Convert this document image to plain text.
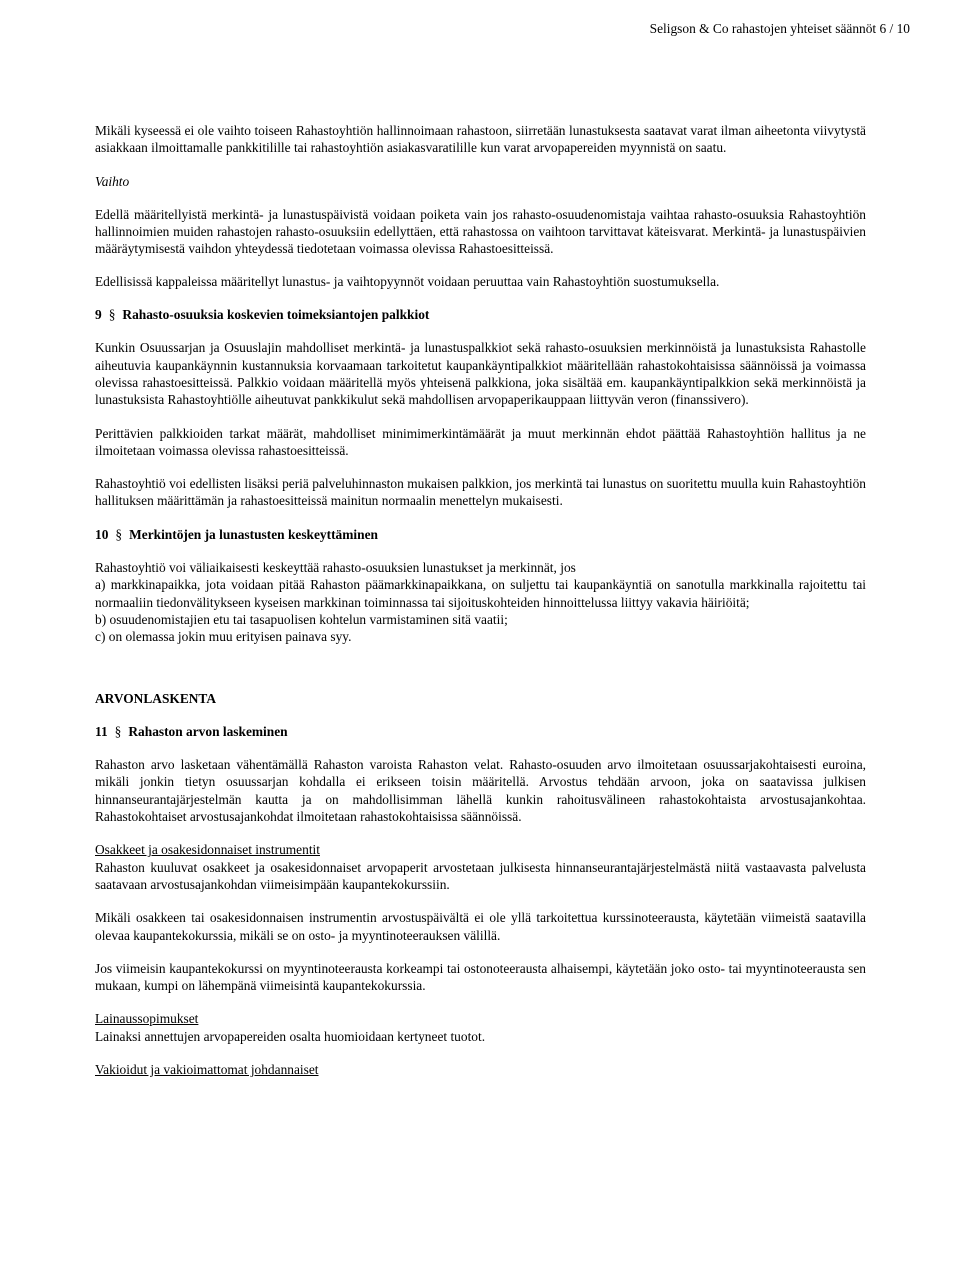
Seligson & Co rahastojen yhteiset säännöt 6 / 10

Mikäli kyseessä ei ole vaihto toiseen Rahastoyhtiön hallinnoimaan rahastoon, siirretään lunastuksesta saatavat varat ilman aiheetonta viivytystä asiakkaan ilmoittamalle pankkitilille tai rahastoyhtiön asiakasvaratilille kun varat arvopapereiden myynnistä on saatu.

Vaihto

Edellä määritellyistä merkintä- ja lunastuspäivistä voidaan poiketa vain jos rahasto-osuudenomistaja vaihtaa rahasto-osuuksia Rahastoyhtiön hallinnoimien muiden rahastojen rahasto-osuuksiin edellyttäen, että rahastossa on vaihtoon tarvittavat käteisvarat. Merkintä- ja lunastuspäivien määräytymisestä vaihdon yhteydessä tiedotetaan voimassa olevissa Rahastoesitteissä.

Edellisissä kappaleissa määritellyt lunastus- ja vaihtopyynnöt voidaan peruuttaa vain Rahastoyhtiön suostumuksella.

9 § Rahasto-osuuksia koskevien toimeksiantojen palkkiot

Kunkin Osuussarjan ja Osuuslajin mahdolliset merkintä- ja lunastuspalkkiot sekä rahasto-osuuksien merkinnöistä ja lunastuksista Rahastolle aiheutuvia kaupankäynnin kustannuksia korvaamaan tarkoitetut kaupankäyntipalkkiot määritellään rahastokohtaisissa säännöissä ja voimassa olevissa rahastoesitteissä. Palkkio voidaan määritellä myös yhteisenä palkkiona, joka sisältää em. kaupankäyntipalkkion sekä merkinnöistä ja lunastuksista Rahastoyhtiölle aiheutuvat pankkikulut sekä mahdollisen arvopaperikauppaan liittyvän veron (finanssivero).

Perittävien palkkioiden tarkat määrät, mahdolliset minimimerkintämäärät ja muut merkinnän ehdot päättää Rahastoyhtiön hallitus ja ne ilmoitetaan voimassa olevissa rahastoesitteissä.

Rahastoyhtiö voi edellisten lisäksi periä palveluhinnaston mukaisen palkkion, jos merkintä tai lunastus on suoritettu muulla kuin Rahastoyhtiön hallituksen määrittämän ja rahastoesitteissä mainitun normaalin menettelyn mukaisesti.

10 § Merkintöjen ja lunastusten keskeyttäminen

Rahastoyhtiö voi väliaikaisesti keskeyttää rahasto-osuuksien lunastukset ja merkinnät, jos

a) markkinapaikka, jota voidaan pitää Rahaston päämarkkinapaikkana, on suljettu tai kaupankäyntiä on sanotulla markkinalla rajoitettu tai normaaliin tiedonvälitykseen kyseisen markkinan toiminnassa tai sijoituskohteiden hinnoittelussa liittyy vakavia häiriöitä;

b) osuudenomistajien etu tai tasapuolisen kohtelun varmistaminen sitä vaatii;

c) on olemassa jokin muu erityisen painava syy.

ARVONLASKENTA

11 § Rahaston arvon laskeminen

Rahaston arvo lasketaan vähentämällä Rahaston varoista Rahaston velat. Rahasto-osuuden arvo ilmoitetaan osuussarjakohtaisesti euroina, mikäli jonkin tietyn osuussarjan kohdalla ei erikseen toisin määritellä. Arvostus tehdään arvoon, joka on saatavissa julkisen hinnanseurantajärjestelmän kautta ja on mahdollisimman lähellä kunkin rahoitusvälineen rahastokohtaista arvostusajankohtaa. Rahastokohtaiset arvostusajankohdat ilmoitetaan rahastokohtaisissa säännöissä.

Osakkeet ja osakesidonnaiset instrumentit

Rahaston kuuluvat osakkeet ja osakesidonnaiset arvopaperit arvostetaan julkisesta hinnanseurantajärjestelmästä niitä vastaavasta palvelusta saatavaan arvostusajankohdan viimeisimpään kaupantekokurssiin.

Mikäli osakkeen tai osakesidonnaisen instrumentin arvostuspäivältä ei ole yllä tarkoitettua kurssinoteerausta, käytetään viimeistä saatavilla olevaa kaupantekokurssia, mikäli se on osto- ja myyntinoteerauksen välillä.

Jos viimeisin kaupantekokurssi on myyntinoteerausta korkeampi tai ostonoteerausta alhaisempi, käytetään joko osto- tai myyntinoteerausta sen mukaan, kumpi on lähempänä viimeisintä kaupantekokurssia.

Lainaussopimukset

Lainaksi annettujen arvopapereiden osalta huomioidaan kertyneet tuotot.

Vakioidut ja vakioimattomat johdannaiset
